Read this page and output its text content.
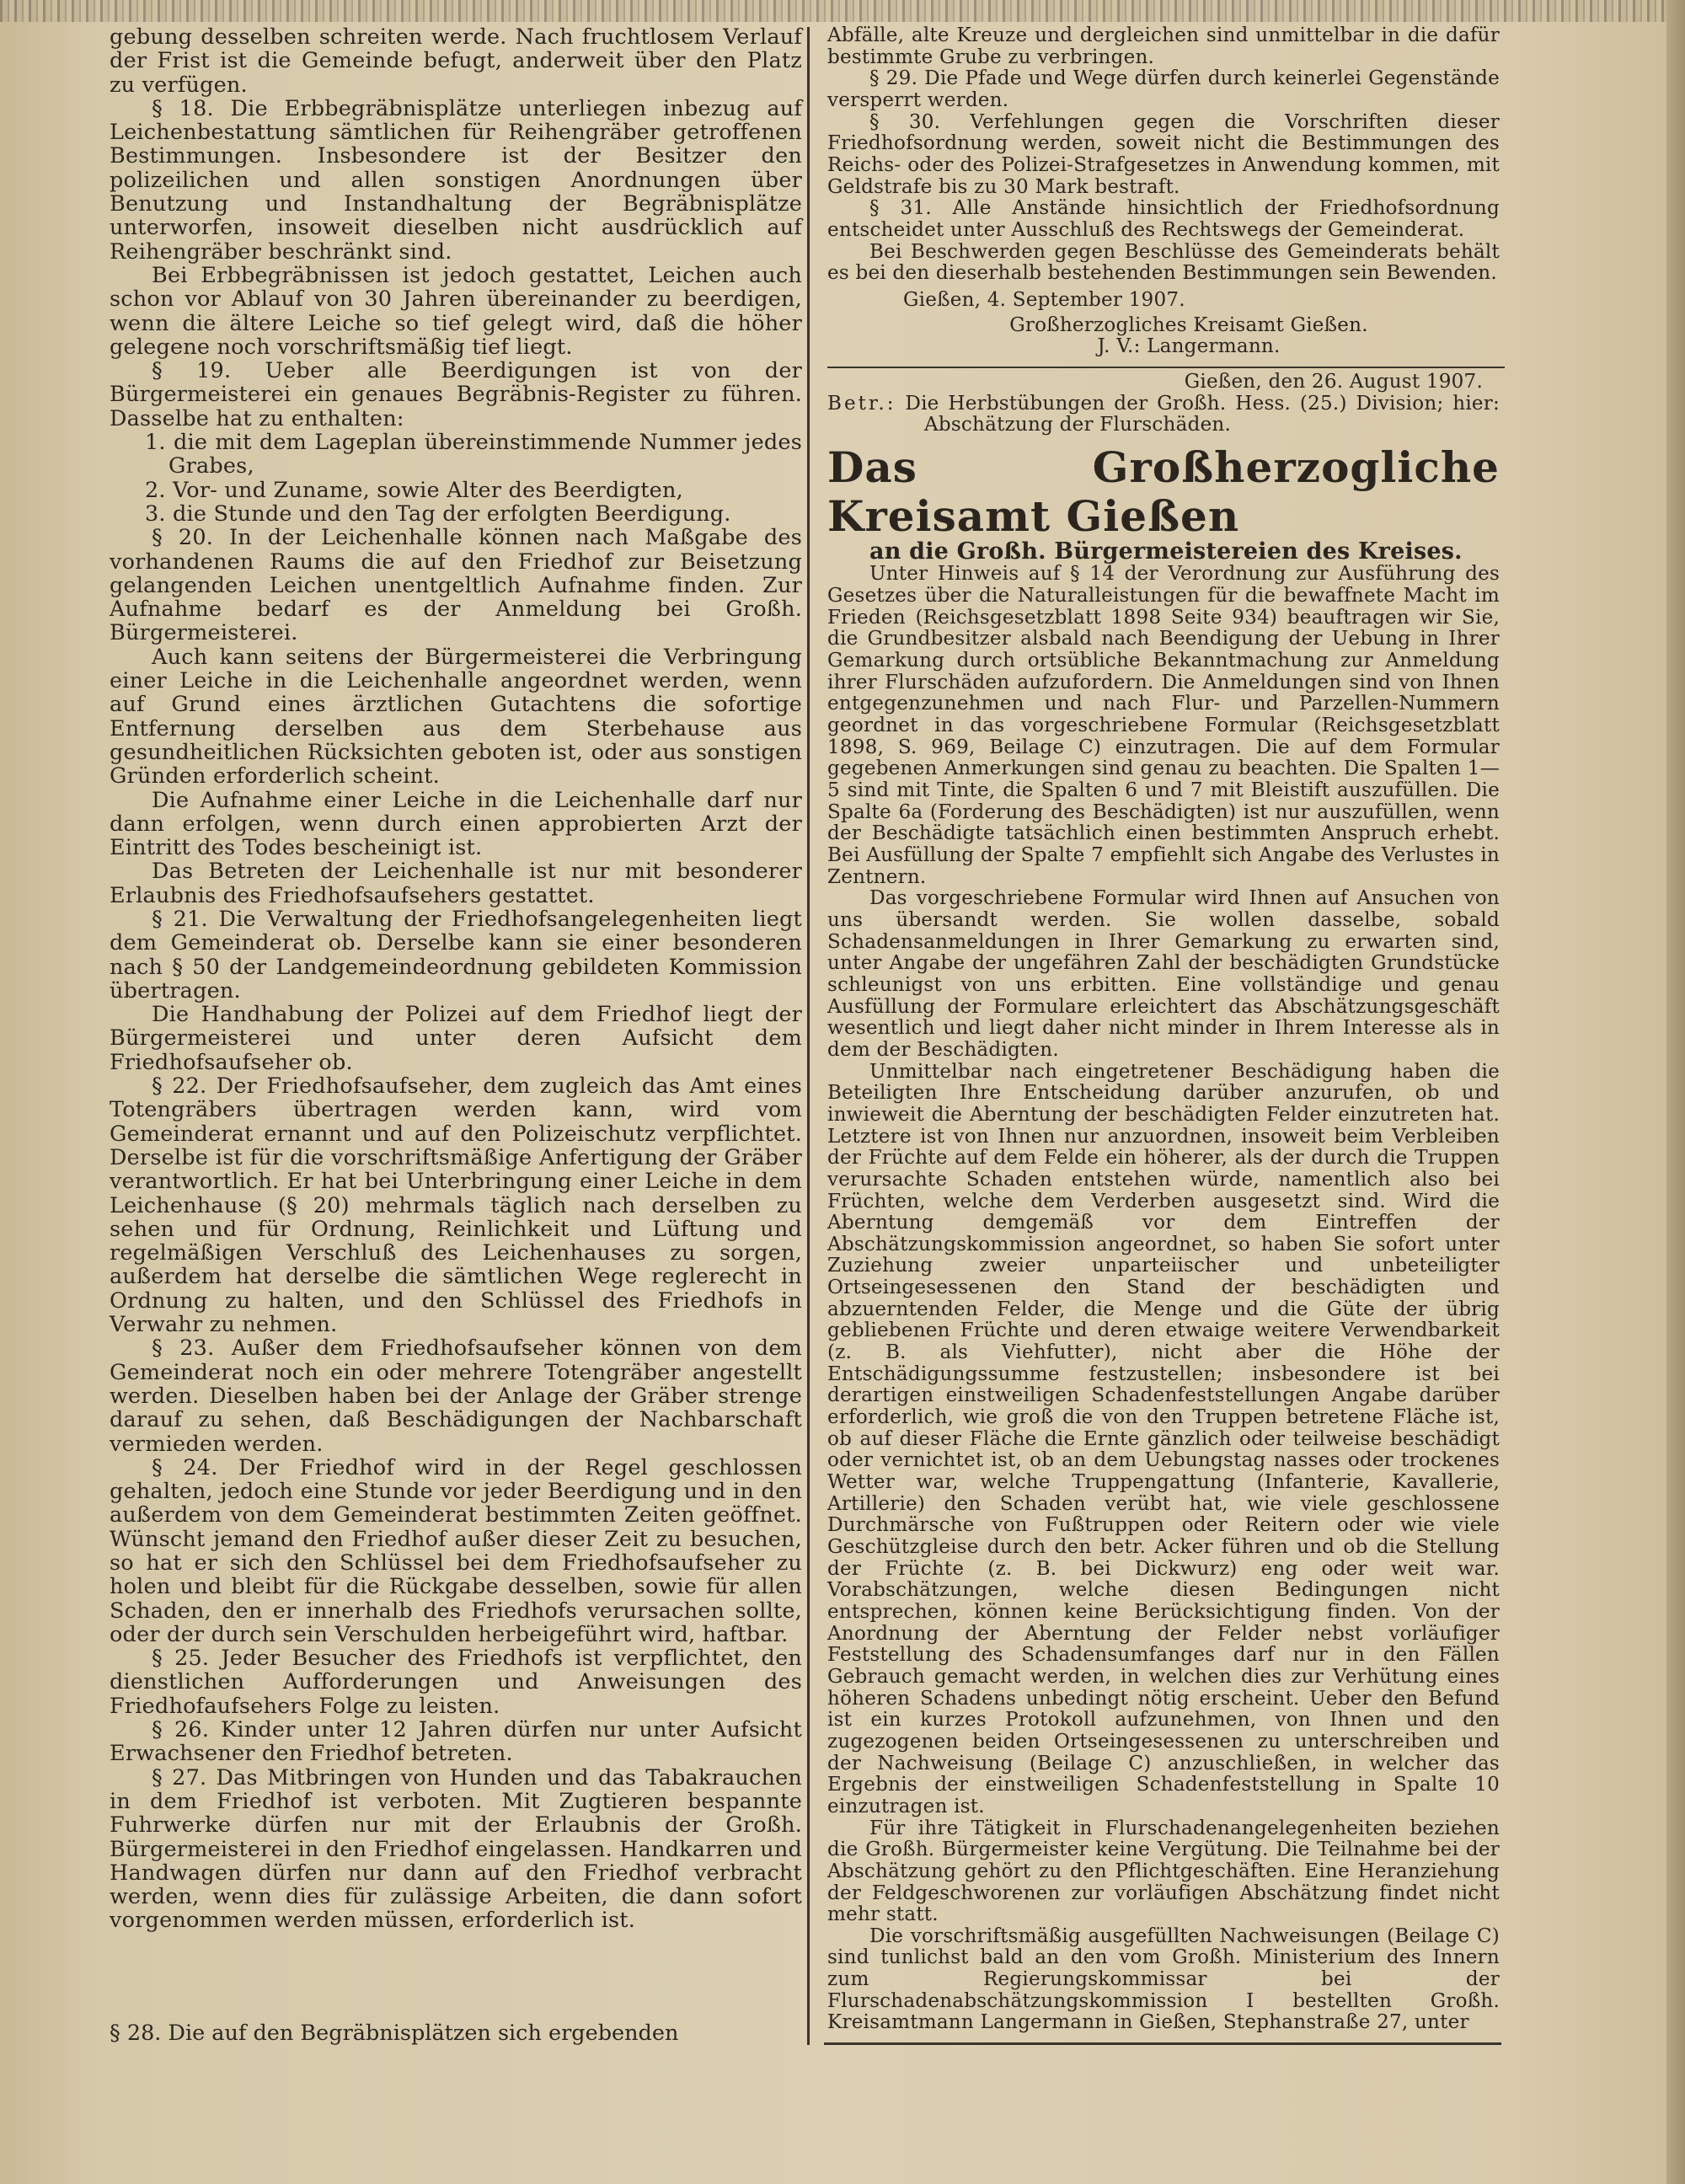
gebung desselben schreiten werde. Nach fruchtlosem Verlauf der Frist ist die Gemeinde befugt, anderweit über den Platz zu verfügen.

§ 18. Die Erbbegräbnisplätze unterliegen inbezug auf Leichenbestattung sämtlichen für Reihengräber getroffenen Bestimmungen. Insbesondere ist der Besitzer den polizeilichen und allen sonstigen Anordnungen über Benutzung und Instandhaltung der Begräbnisplätze unterworfen, insoweit dieselben nicht ausdrücklich auf Reihengräber beschränkt sind.

Bei Erbbegräbnissen ist jedoch gestattet, Leichen auch schon vor Ablauf von 30 Jahren übereinander zu beerdigen, wenn die ältere Leiche so tief gelegt wird, daß die höher gelegene noch vorschriftsmäßig tief liegt.

§ 19. Ueber alle Beerdigungen ist von der Bürgermeisterei ein genaues Begräbnis-Register zu führen. Dasselbe hat zu enthalten:

1. die mit dem Lageplan übereinstimmende Nummer jedes Grabes,

2. Vor- und Zuname, sowie Alter des Beerdigten,

3. die Stunde und den Tag der erfolgten Beerdigung.

§ 20. In der Leichenhalle können nach Maßgabe des vorhandenen Raums die auf den Friedhof zur Beisetzung gelangenden Leichen unentgeltlich Aufnahme finden. Zur Aufnahme bedarf es der Anmeldung bei Großh. Bürgermeisterei.

Auch kann seitens der Bürgermeisterei die Verbringung einer Leiche in die Leichenhalle angeordnet werden, wenn auf Grund eines ärztlichen Gutachtens die sofortige Entfernung derselben aus dem Sterbehause aus gesundheitlichen Rücksichten geboten ist, oder aus sonstigen Gründen erforderlich scheint.

Die Aufnahme einer Leiche in die Leichenhalle darf nur dann erfolgen, wenn durch einen approbierten Arzt der Eintritt des Todes bescheinigt ist.

Das Betreten der Leichenhalle ist nur mit besonderer Erlaubnis des Friedhofsaufsehers gestattet.

§ 21. Die Verwaltung der Friedhofsangelegenheiten liegt dem Gemeinderat ob. Derselbe kann sie einer besonderen nach § 50 der Landgemeindeordnung gebildeten Kommission übertragen.

Die Handhabung der Polizei auf dem Friedhof liegt der Bürgermeisterei und unter deren Aufsicht dem Friedhofsaufseher ob.

§ 22. Der Friedhofsaufseher, dem zugleich das Amt eines Totengräbers übertragen werden kann, wird vom Gemeinderat ernannt und auf den Polizeischutz verpflichtet. Derselbe ist für die vorschriftsmäßige Anfertigung der Gräber verantwortlich. Er hat bei Unterbringung einer Leiche in dem Leichenhause (§ 20) mehrmals täglich nach derselben zu sehen und für Ordnung, Reinlichkeit und Lüftung und regelmäßigen Verschluß des Leichenhauses zu sorgen, außerdem hat derselbe die sämtlichen Wege reglerecht in Ordnung zu halten, und den Schlüssel des Friedhofs in Verwahr zu nehmen.

§ 23. Außer dem Friedhofsaufseher können von dem Gemeinderat noch ein oder mehrere Totengräber angestellt werden. Dieselben haben bei der Anlage der Gräber strenge darauf zu sehen, daß Beschädigungen der Nachbarschaft vermieden werden.

§ 24. Der Friedhof wird in der Regel geschlossen gehalten, jedoch eine Stunde vor jeder Beerdigung und in den außerdem von dem Gemeinderat bestimmten Zeiten geöffnet. Wünscht jemand den Friedhof außer dieser Zeit zu besuchen, so hat er sich den Schlüssel bei dem Friedhofsaufseher zu holen und bleibt für die Rückgabe desselben, sowie für allen Schaden, den er innerhalb des Friedhofs verursachen sollte, oder der durch sein Verschulden herbeigeführt wird, haftbar.

§ 25. Jeder Besucher des Friedhofs ist verpflichtet, den dienstlichen Aufforderungen und Anweisungen des Friedhofaufsehers Folge zu leisten.

§ 26. Kinder unter 12 Jahren dürfen nur unter Aufsicht Erwachsener den Friedhof betreten.

§ 27. Das Mitbringen von Hunden und das Tabakrauchen in dem Friedhof ist verboten. Mit Zugtieren bespannte Fuhrwerke dürfen nur mit der Erlaubnis der Großh. Bürgermeisterei in den Friedhof eingelassen. Handkarren und Handwagen dürfen nur dann auf den Friedhof verbracht werden, wenn dies für zulässige Arbeiten, die dann sofort vorgenommen werden müssen, erforderlich ist.

§ 28. Die auf den Begräbnisplätzen sich ergebenden

Abfälle, alte Kreuze und dergleichen sind unmittelbar in die dafür bestimmte Grube zu verbringen.

§ 29. Die Pfade und Wege dürfen durch keinerlei Gegenstände versperrt werden.

§ 30. Verfehlungen gegen die Vorschriften dieser Friedhofsordnung werden, soweit nicht die Bestimmungen des Reichs- oder des Polizei-Strafgesetzes in Anwendung kommen, mit Geldstrafe bis zu 30 Mark bestraft.

§ 31. Alle Anstände hinsichtlich der Friedhofsordnung entscheidet unter Ausschluß des Rechtswegs der Gemeinderat.

Bei Beschwerden gegen Beschlüsse des Gemeinderats behält es bei den dieserhalb bestehenden Bestimmungen sein Bewenden.

Gießen, 4. September 1907.

Großherzogliches Kreisamt Gießen.

J. V.: Langermann.

Gießen, den 26. August 1907.

Betr.: Die Herbstübungen der Großh. Hess. (25.) Division; hier: Abschätzung der Flurschäden.

Das Großherzogliche Kreisamt Gießen

an die Großh. Bürgermeistereien des Kreises.

Unter Hinweis auf § 14 der Verordnung zur Ausführung des Gesetzes über die Naturalleistungen für die bewaffnete Macht im Frieden (Reichsgesetzblatt 1898 Seite 934) beauftragen wir Sie, die Grundbesitzer alsbald nach Beendigung der Uebung in Ihrer Gemarkung durch ortsübliche Bekanntmachung zur Anmeldung ihrer Flurschäden aufzufordern. Die Anmeldungen sind von Ihnen entgegenzunehmen und nach Flur- und Parzellen-Nummern geordnet in das vorgeschriebene Formular (Reichsgesetzblatt 1898, S. 969, Beilage C) einzutragen. Die auf dem Formular gegebenen Anmerkungen sind genau zu beachten. Die Spalten 1—5 sind mit Tinte, die Spalten 6 und 7 mit Bleistift auszufüllen. Die Spalte 6a (Forderung des Beschädigten) ist nur auszufüllen, wenn der Beschädigte tatsächlich einen bestimmten Anspruch erhebt. Bei Ausfüllung der Spalte 7 empfiehlt sich Angabe des Verlustes in Zentnern.

Das vorgeschriebene Formular wird Ihnen auf Ansuchen von uns übersandt werden. Sie wollen dasselbe, sobald Schadensanmeldungen in Ihrer Gemarkung zu erwarten sind, unter Angabe der ungefähren Zahl der beschädigten Grundstücke schleunigst von uns erbitten. Eine vollständige und genau Ausfüllung der Formulare erleichtert das Abschätzungsgeschäft wesentlich und liegt daher nicht minder in Ihrem Interesse als in dem der Beschädigten.

Unmittelbar nach eingetretener Beschädigung haben die Beteiligten Ihre Entscheidung darüber anzurufen, ob und inwieweit die Aberntung der beschädigten Felder einzutreten hat. Letztere ist von Ihnen nur anzuordnen, insoweit beim Verbleiben der Früchte auf dem Felde ein höherer, als der durch die Truppen verursachte Schaden entstehen würde, namentlich also bei Früchten, welche dem Verderben ausgesetzt sind. Wird die Aberntung demgemäß vor dem Eintreffen der Abschätzungskommission angeordnet, so haben Sie sofort unter Zuziehung zweier unparteiischer und unbeteiligter Ortseingesessenen den Stand der beschädigten und abzuerntenden Felder, die Menge und die Güte der übrig gebliebenen Früchte und deren etwaige weitere Verwendbarkeit (z. B. als Viehfutter), nicht aber die Höhe der Entschädigungssumme festzustellen; insbesondere ist bei derartigen einstweiligen Schadenfeststellungen Angabe darüber erforderlich, wie groß die von den Truppen betretene Fläche ist, ob auf dieser Fläche die Ernte gänzlich oder teilweise beschädigt oder vernichtet ist, ob an dem Uebungstag nasses oder trockenes Wetter war, welche Truppengattung (Infanterie, Kavallerie, Artillerie) den Schaden verübt hat, wie viele geschlossene Durchmärsche von Fußtruppen oder Reitern oder wie viele Geschützgleise durch den betr. Acker führen und ob die Stellung der Früchte (z. B. bei Dickwurz) eng oder weit war. Vorabschätzungen, welche diesen Bedingungen nicht entsprechen, können keine Berücksichtigung finden. Von der Anordnung der Aberntung der Felder nebst vorläufiger Feststellung des Schadensumfanges darf nur in den Fällen Gebrauch gemacht werden, in welchen dies zur Verhütung eines höheren Schadens unbedingt nötig erscheint. Ueber den Befund ist ein kurzes Protokoll aufzunehmen, von Ihnen und den zugezogenen beiden Ortseingesessenen zu unterschreiben und der Nachweisung (Beilage C) anzuschließen, in welcher das Ergebnis der einstweiligen Schadenfeststellung in Spalte 10 einzutragen ist.

Für ihre Tätigkeit in Flurschadenangelegenheiten beziehen die Großh. Bürgermeister keine Vergütung. Die Teilnahme bei der Abschätzung gehört zu den Pflichtgeschäften. Eine Heranziehung der Feldgeschworenen zur vorläufigen Abschätzung findet nicht mehr statt.

Die vorschriftsmäßig ausgefüllten Nachweisungen (Beilage C) sind tunlichst bald an den vom Großh. Ministerium des Innern zum Regierungskommissar bei der Flurschadenabschätzungskommission I bestellten Großh. Kreisamtmann Langermann in Gießen, Stephanstraße 27, unter
